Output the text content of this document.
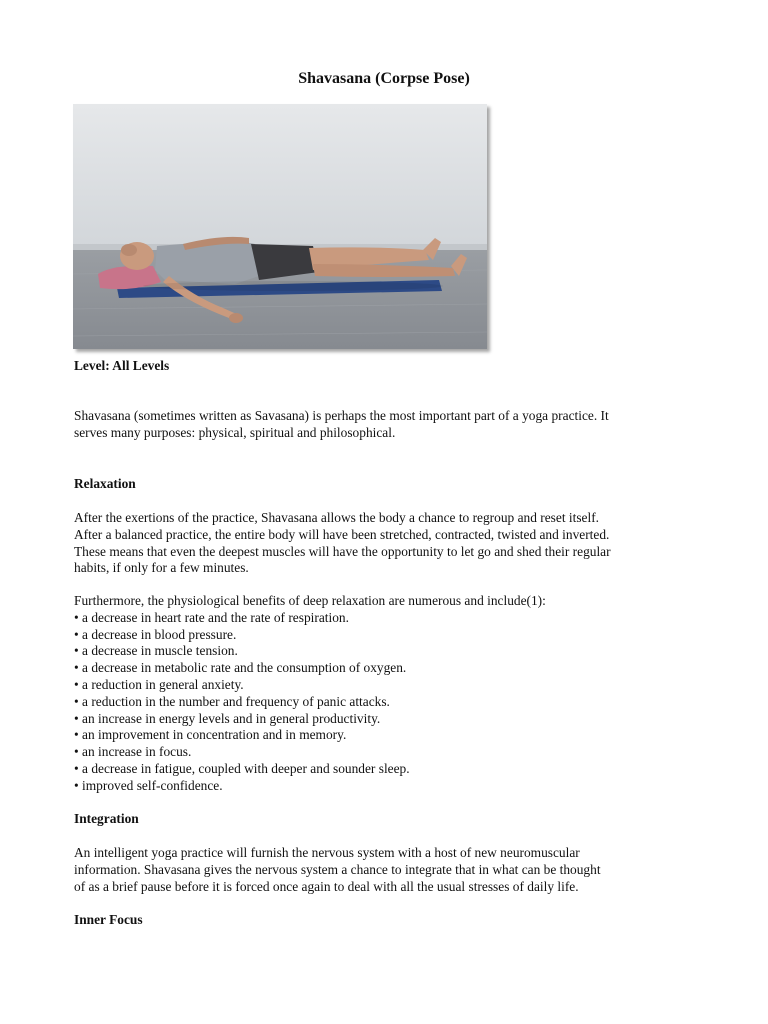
Shavasana (Corpse Pose)
Level: All Levels
Shavasana (sometimes written as Savasana) is perhaps the most important part of a yoga practice. It
serves many purposes: physical, spiritual and philosophical.
Relaxation
After the exertions of the practice, Shavasana allows the body a chance to regroup and reset itself.
After a balanced practice, the entire body will have been stretched, contracted, twisted and inverted.
These means that even the deepest muscles will have the opportunity to let go and shed their regular
habits, if only for a few minutes.
Furthermore, the physiological benefits of deep relaxation are numerous and include(1):
• a decrease in heart rate and the rate of respiration.
• a decrease in blood pressure.
• a decrease in muscle tension.
• a decrease in metabolic rate and the consumption of oxygen.
• a reduction in general anxiety.
• a reduction in the number and frequency of panic attacks.
• an increase in energy levels and in general productivity.
• an improvement in concentration and in memory.
• an increase in focus.
• a decrease in fatigue, coupled with deeper and sounder sleep.
• improved self-confidence.
Integration
An intelligent yoga practice will furnish the nervous system with a host of new neuromuscular
information. Shavasana gives the nervous system a chance to integrate that in what can be thought
of as a brief pause before it is forced once again to deal with all the usual stresses of daily life.
Inner Focus
